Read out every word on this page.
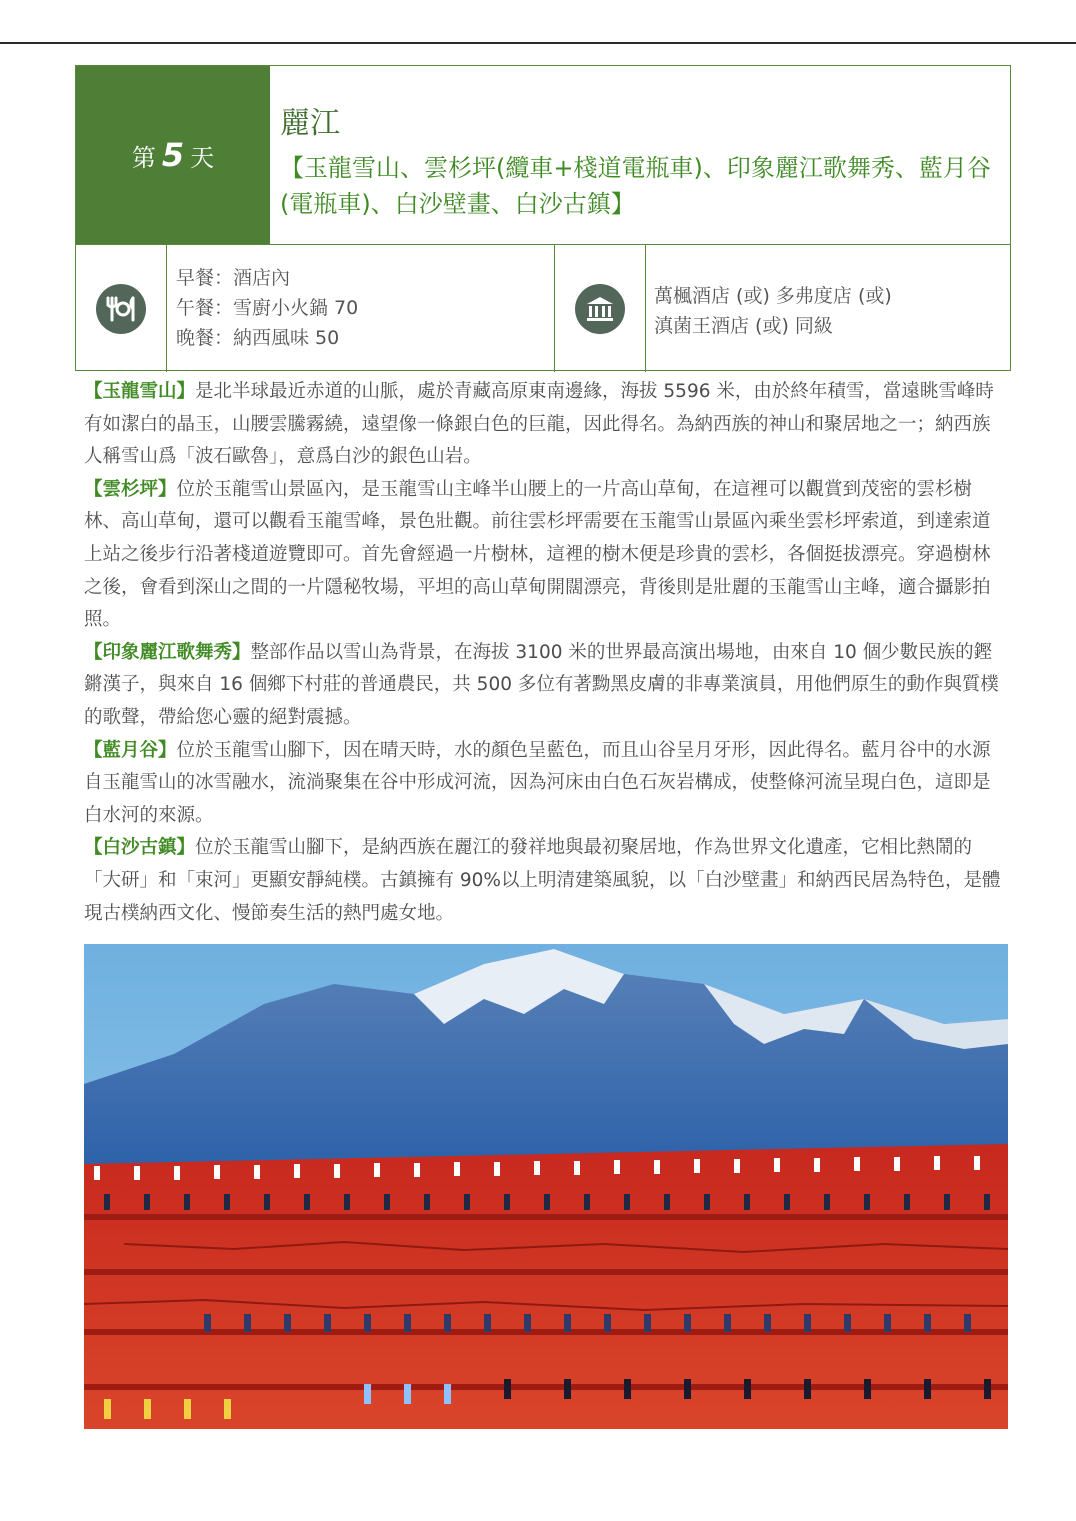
第 5 天
麗江
【玉龍雪山、雲杉坪(纜車+棧道電瓶車)、印象麗江歌舞秀、藍月谷(電瓶車)、白沙壁畫、白沙古鎮】
早餐：酒店內
午餐：雪廚小火鍋 70
晚餐：納西風味 50
萬楓酒店 (或) 多弗度店 (或)
滇菌王酒店 (或) 同級

【玉龍雪山】是北半球最近赤道的山脈，處於青藏高原東南邊緣，海拔 5596 米，由於終年積雪，當遠眺雪峰時有如潔白的晶玉，山腰雲騰霧繞，遠望像一條銀白色的巨龍，因此得名。為納西族的神山和聚居地之一；納西族人稱雪山爲「波石歐魯」，意爲白沙的銀色山岩。

【雲杉坪】位於玉龍雪山景區內，是玉龍雪山主峰半山腰上的一片高山草甸，在這裡可以觀賞到茂密的雲杉樹林、高山草甸，還可以觀看玉龍雪峰，景色壯觀。前往雲杉坪需要在玉龍雪山景區內乘坐雲杉坪索道，到達索道上站之後步行沿著棧道遊覽即可。首先會經過一片樹林，這裡的樹木便是珍貴的雲杉，各個挺拔漂亮。穿過樹林之後，會看到深山之間的一片隱秘牧場，平坦的高山草甸開闊漂亮，背後則是壯麗的玉龍雪山主峰，適合攝影拍照。

【印象麗江歌舞秀】整部作品以雪山為背景，在海拔 3100 米的世界最高演出場地，由來自 10 個少數民族的鏗鏘漢子，與來自 16 個鄉下村莊的普通農民，共 500 多位有著黝黑皮膚的非專業演員，用他們原生的動作與質樸的歌聲，帶給您心靈的絕對震撼。

【藍月谷】位於玉龍雪山腳下，因在晴天時，水的顏色呈藍色，而且山谷呈月牙形，因此得名。藍月谷中的水源自玉龍雪山的冰雪融水，流淌聚集在谷中形成河流，因為河床由白色石灰岩構成，使整條河流呈現白色，這即是白水河的來源。

【白沙古鎮】位於玉龍雪山腳下，是納西族在麗江的發祥地與最初聚居地，作為世界文化遺產，它相比熱鬧的「大研」和「束河」更顯安靜純樸。古鎮擁有 90%以上明清建築風貌，以「白沙壁畫」和納西民居為特色，是體現古樸納西文化、慢節奏生活的熱門處女地。
